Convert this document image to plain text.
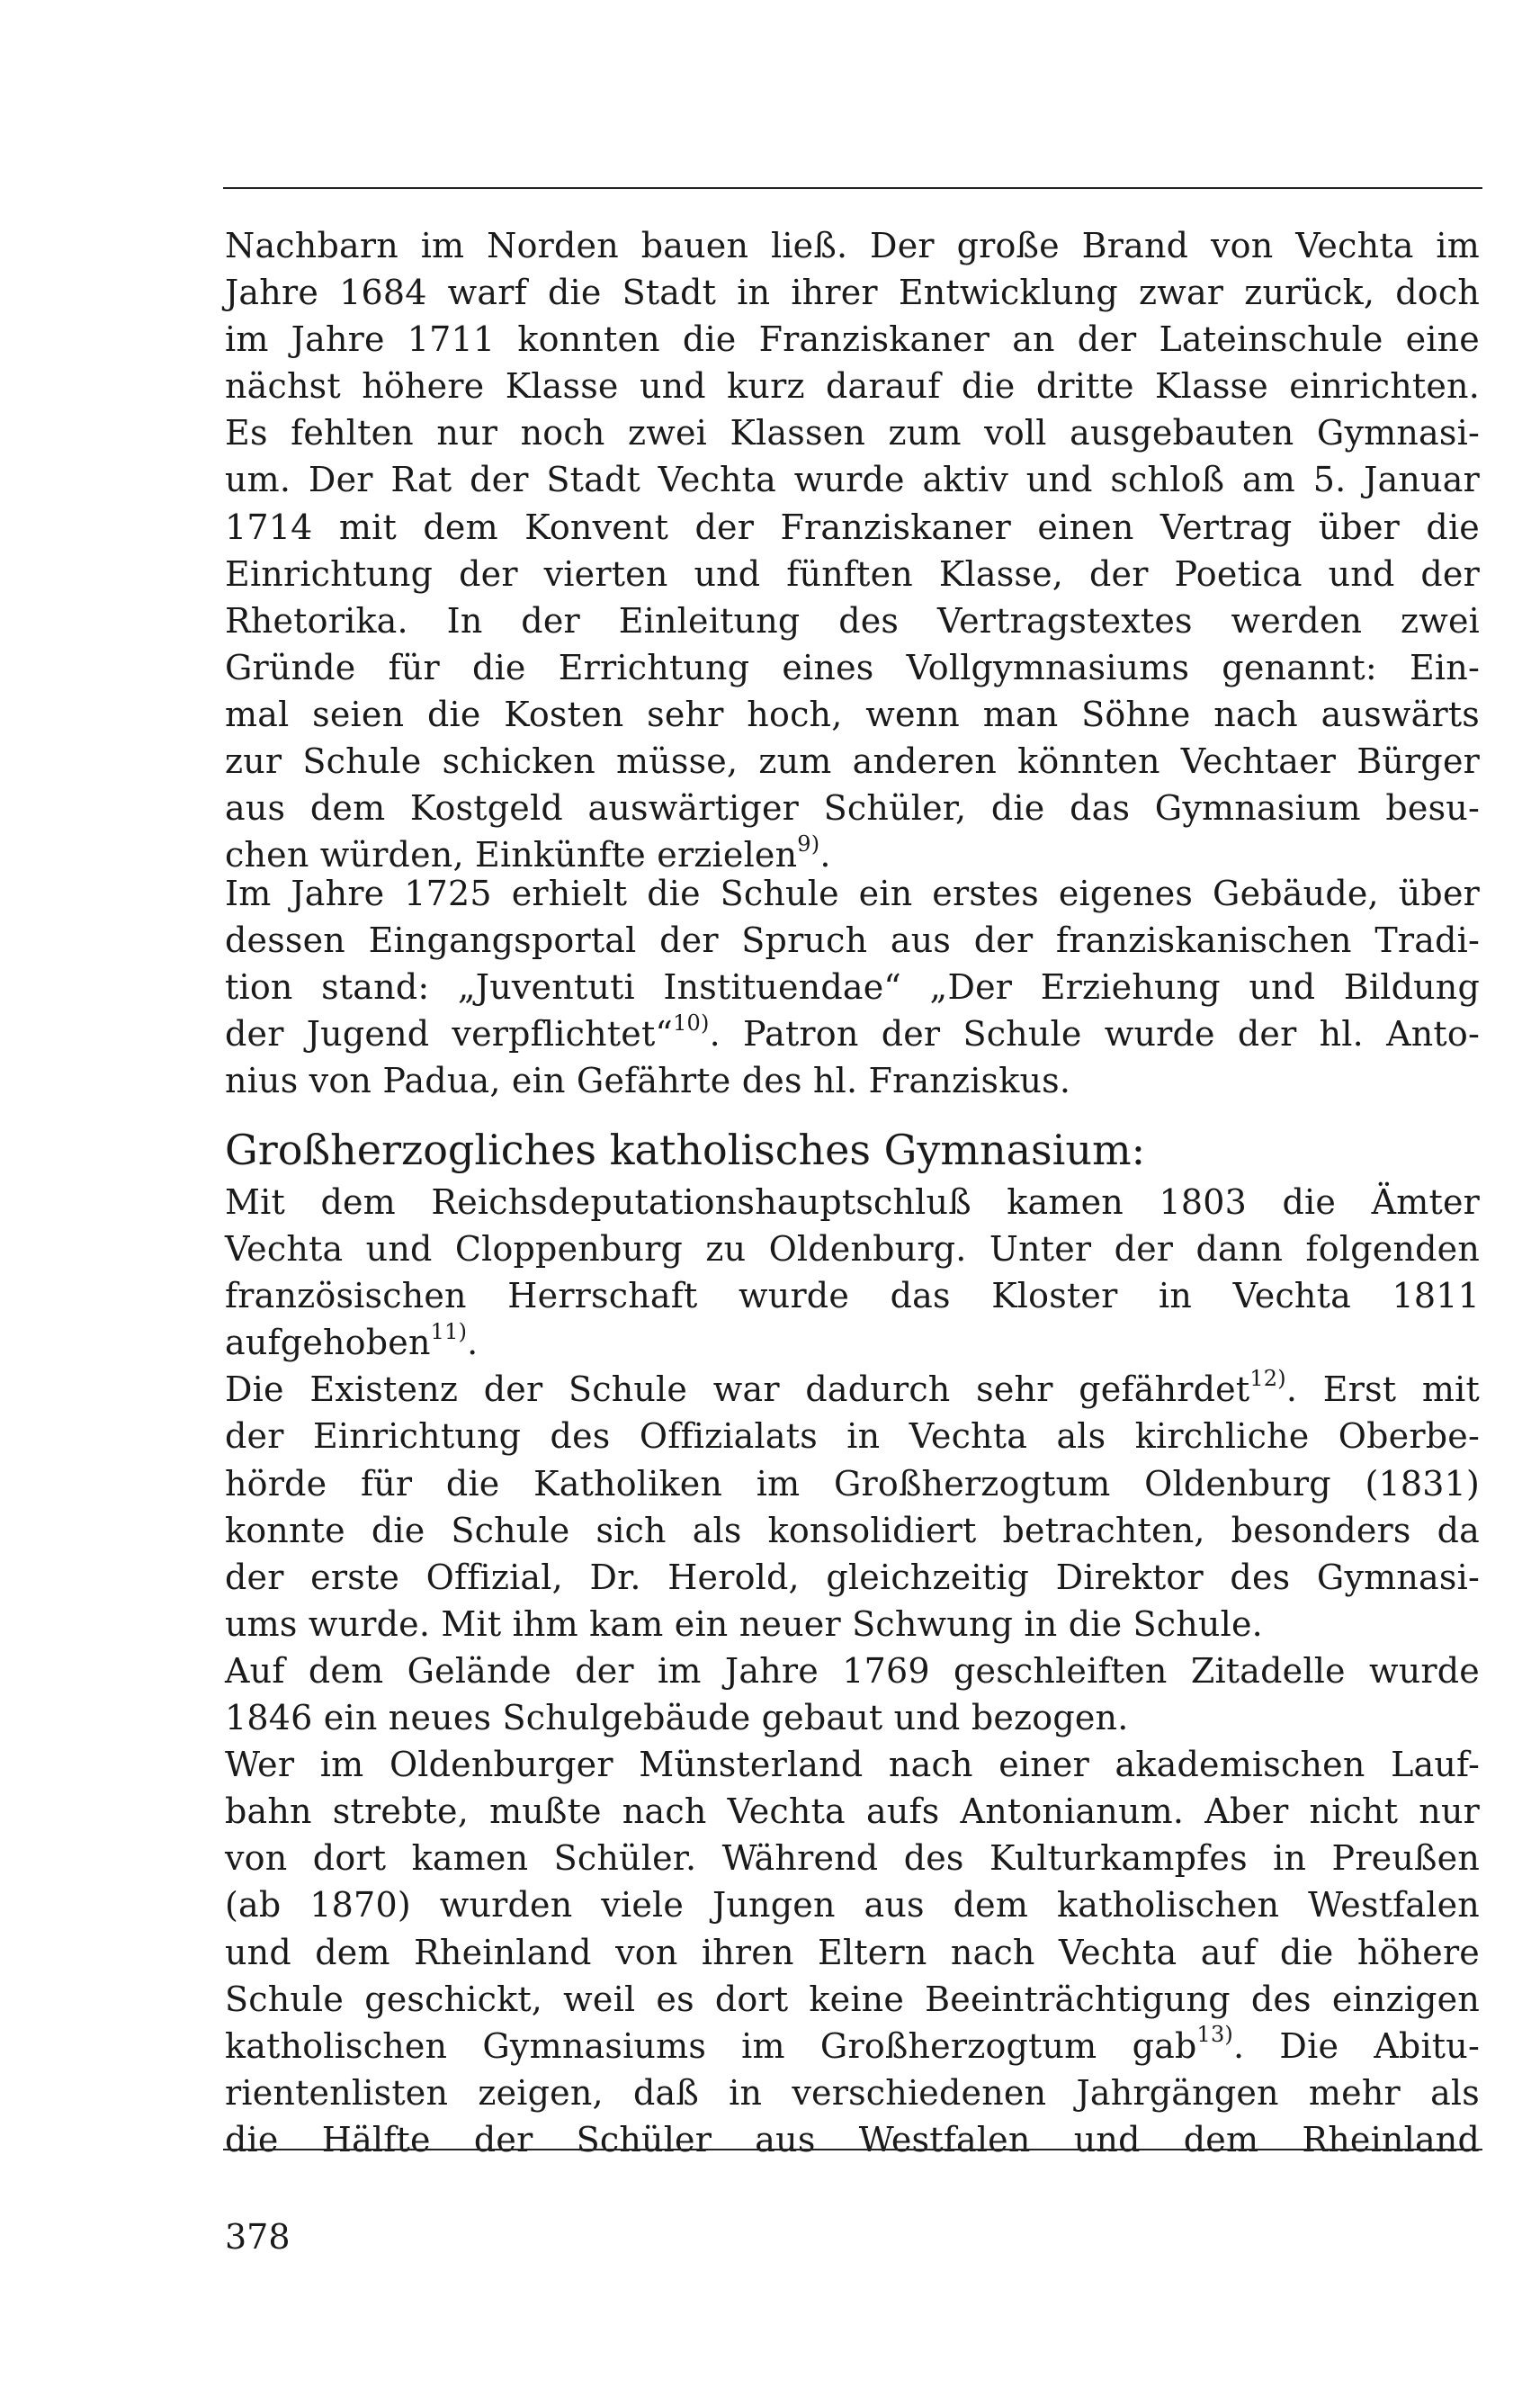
Nachbarn im Norden bauen ließ. Der große Brand von Vechta im
Jahre 1684 warf die Stadt in ihrer Entwicklung zwar zurück, doch
im Jahre 1711 konnten die Franziskaner an der Lateinschule eine
nächst höhere Klasse und kurz darauf die dritte Klasse einrichten.
Es fehlten nur noch zwei Klassen zum voll ausgebauten Gymnasi-
um. Der Rat der Stadt Vechta wurde aktiv und schloß am 5. Januar
1714 mit dem Konvent der Franziskaner einen Vertrag über die
Einrichtung der vierten und fünften Klasse, der Poetica und der
Rhetorika. In der Einleitung des Vertragstextes werden zwei
Gründe für die Errichtung eines Vollgymnasiums genannt: Ein-
mal seien die Kosten sehr hoch, wenn man Söhne nach auswärts
zur Schule schicken müsse, zum anderen könnten Vechtaer Bürger
aus dem Kostgeld auswärtiger Schüler, die das Gymnasium besu-
chen würden, Einkünfte erzielen$^{9)}$.
Im Jahre 1725 erhielt die Schule ein erstes eigenes Gebäude, über
dessen Eingangsportal der Spruch aus der franziskanischen Tradi-
tion stand: „Juventuti Instituendae“ „Der Erziehung und Bildung
der Jugend verpflichtet“$^{10)}$. Patron der Schule wurde der hl. Anto-
nius von Padua, ein Gefährte des hl. Franziskus.
Großherzogliches katholisches Gymnasium:
Mit dem Reichsdeputationshauptschluß kamen 1803 die Ämter
Vechta und Cloppenburg zu Oldenburg. Unter der dann folgenden
französischen Herrschaft wurde das Kloster in Vechta 1811
aufgehoben$^{11)}$.
Die Existenz der Schule war dadurch sehr gefährdet$^{12)}$. Erst mit
der Einrichtung des Offizialats in Vechta als kirchliche Oberbe-
hörde für die Katholiken im Großherzogtum Oldenburg (1831)
konnte die Schule sich als konsolidiert betrachten, besonders da
der erste Offizial, Dr. Herold, gleichzeitig Direktor des Gymnasi-
ums wurde. Mit ihm kam ein neuer Schwung in die Schule.
Auf dem Gelände der im Jahre 1769 geschleiften Zitadelle wurde
1846 ein neues Schulgebäude gebaut und bezogen.
Wer im Oldenburger Münsterland nach einer akademischen Lauf-
bahn strebte, mußte nach Vechta aufs Antonianum. Aber nicht nur
von dort kamen Schüler. Während des Kulturkampfes in Preußen
(ab 1870) wurden viele Jungen aus dem katholischen Westfalen
und dem Rheinland von ihren Eltern nach Vechta auf die höhere
Schule geschickt, weil es dort keine Beeinträchtigung des einzigen
katholischen Gymnasiums im Großherzogtum gab$^{13)}$. Die Abitu-
rientenlisten zeigen, daß in verschiedenen Jahrgängen mehr als
die Hälfte der Schüler aus Westfalen und dem Rheinland
378
